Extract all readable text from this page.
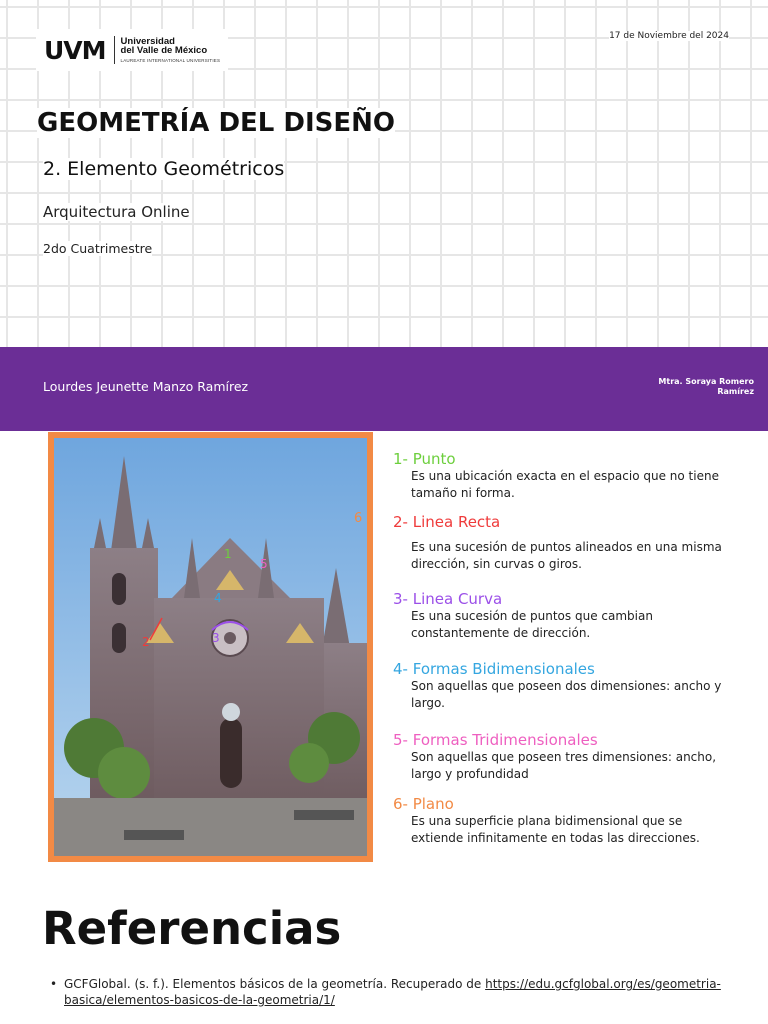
UVM	Universidad
del Valle de México
LAUREATE INTERNATIONAL UNIVERSITIES
17 de Noviembre del 2024
GEOMETRÍA DEL DISEÑO
2. Elemento Geométricos
Arquitectura Online
2do Cuatrimestre
Lourdes Jeunette Manzo Ramírez	Mtra. Soraya Romero
Ramírez
1
2	3
4
5
6
1- Punto
Es una ubicación exacta en el espacio que no tiene tamaño ni forma.
2- Linea Recta
Es una sucesión de puntos alineados en una misma dirección, sin curvas o giros.
3- Linea Curva
Es una sucesión de puntos que cambian constantemente de dirección.
4- Formas Bidimensionales
Son aquellas que poseen dos dimensiones: ancho y largo.
5- Formas Tridimensionales
Son aquellas que poseen tres dimensiones: ancho, largo y profundidad
6- Plano
Es una superficie plana bidimensional que se extiende infinitamente en todas las direcciones.
Referencias
• GCFGlobal. (s. f.). Elementos básicos de la geometría. Recuperado de https://edu.gcfglobal.org/es/geometria-basica/elementos-basicos-de-la-geometria/1/
